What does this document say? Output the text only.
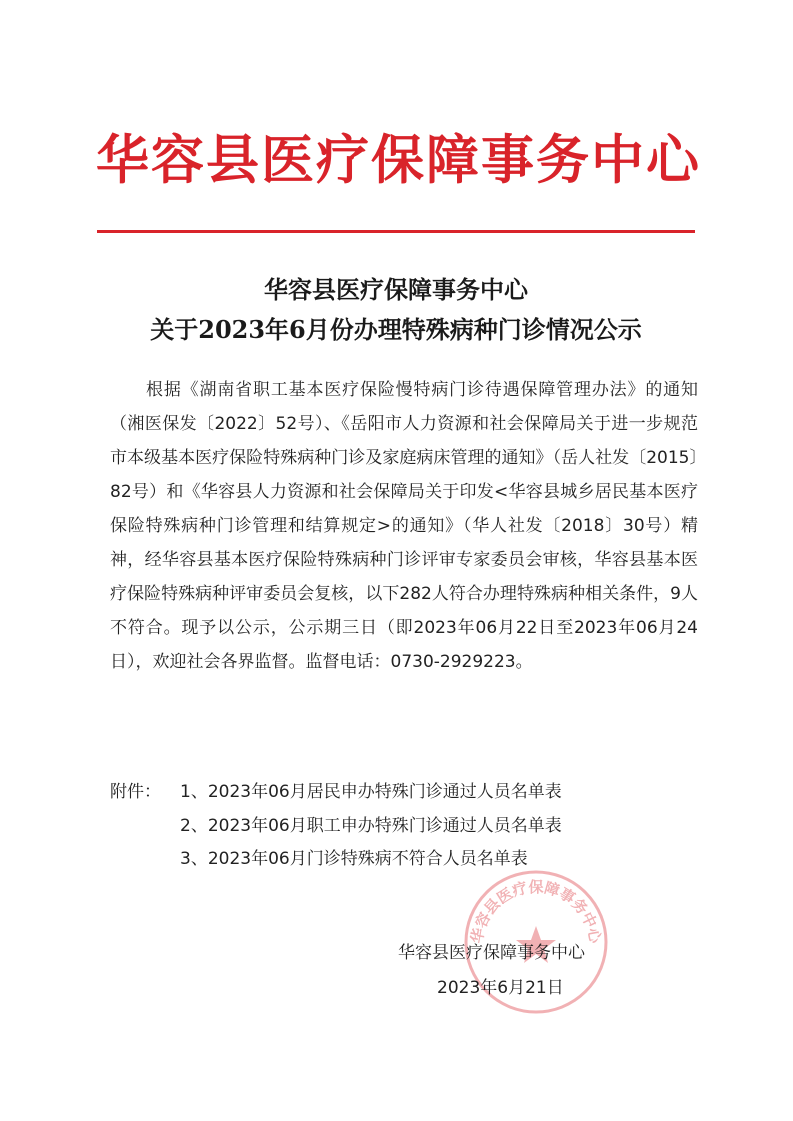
华容县医疗保障事务中心
华容县医疗保障事务中心
关于2023年6月份办理特殊病种门诊情况公示

根据《湖南省职工基本医疗保险慢特病门诊待遇保障管理办法》的通知（湘医保发〔2022〕52号）、《岳阳市人力资源和社会保障局关于进一步规范市本级基本医疗保险特殊病种门诊及家庭病床管理的通知》（岳人社发〔2015〕82号）和《华容县人力资源和社会保障局关于印发<华容县城乡居民基本医疗保险特殊病种门诊管理和结算规定>的通知》（华人社发〔2018〕30号）精神，经华容县基本医疗保险特殊病种门诊评审专家委员会审核，华容县基本医疗保险特殊病种评审委员会复核，以下282人符合办理特殊病种相关条件，9人不符合。现予以公示，公示期三日（即2023年06月22日至2023年06月24日），欢迎社会各界监督。监督电话：0730-2929223。

附件： 1、2023年06月居民申办特殊门诊通过人员名单表
2、2023年06月职工申办特殊门诊通过人员名单表
3、2023年06月门诊特殊病不符合人员名单表
华容县医疗保障事务中心
华容县医疗保障事务中心
2023年6月21日
